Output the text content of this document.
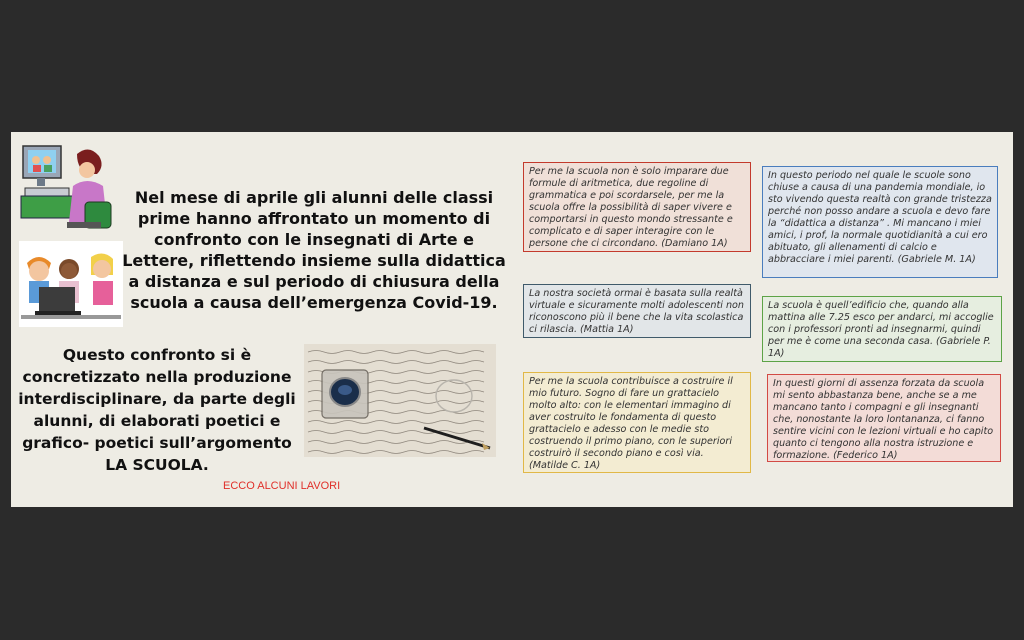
Nel mese di aprile gli alunni delle classi prime hanno affrontato un momento di confronto con le insegnati di Arte e Lettere, riflettendo insieme sulla didattica a distanza e sul periodo di chiusura della scuola a causa dell’emergenza Covid-19.
Questo confronto si è concretizzato nella produzione interdisciplinare, da parte degli alunni, di elaborati poetici e grafico- poetici sull’argomento LA SCUOLA.
ECCO ALCUNI LAVORI
Per me la scuola non è solo imparare due formule di aritmetica, due regoline di grammatica e poi scordarsele, per me la scuola offre la possibilità di saper vivere e comportarsi in questo mondo stressante e complicato e di saper interagire con le persone che ci circondano. (Damiano 1A)
In questo periodo nel quale le scuole sono chiuse a causa di una pandemia mondiale, io sto vivendo questa realtà con grande tristezza perché non posso andare a scuola e devo fare la “didattica a distanza” . Mi mancano i miei amici, i prof, la normale quotidianità a cui ero abituato, gli allenamenti di calcio e abbracciare i miei parenti. (Gabriele M. 1A)
La nostra società ormai è basata sulla realtà virtuale e sicuramente molti adolescenti non riconoscono più il bene che la vita scolastica ci rilascia. (Mattia 1A)
La scuola è quell’edificio che, quando alla mattina alle 7.25 esco per andarci, mi accoglie con i professori pronti ad insegnarmi, quindi per me è come una seconda casa. (Gabriele P. 1A)
Per me la scuola contribuisce a costruire il mio futuro. Sogno di fare un grattacielo molto alto: con le elementari immagino di aver costruito le fondamenta di questo grattacielo e adesso con le medie sto costruendo il primo piano, con le superiori costruirò il secondo piano e così via. (Matilde C. 1A)
In questi giorni di assenza forzata da scuola mi sento abbastanza bene, anche se a me mancano tanto i compagni e gli insegnanti che, nonostante la loro lontananza, ci fanno sentire vicini con le lezioni virtuali e ho capito quanto ci tengono alla nostra istruzione e formazione. (Federico 1A)
